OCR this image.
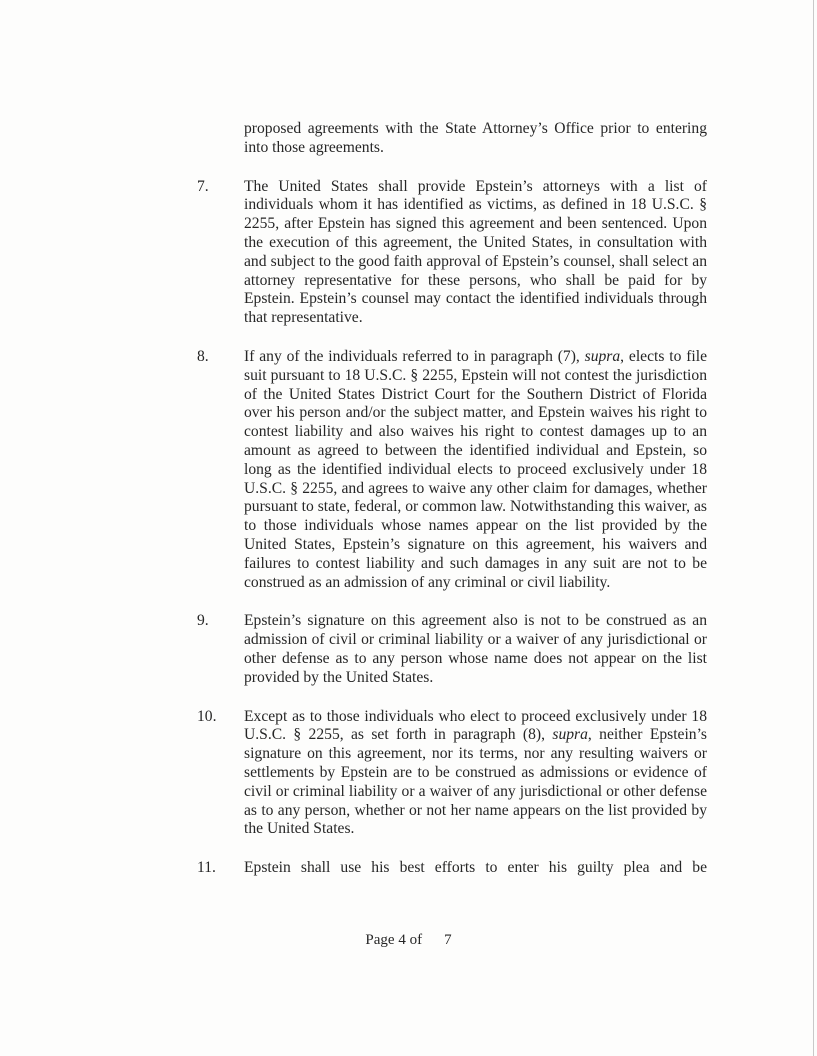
proposed agreements with the State Attorney’s Office prior to entering into those agreements.

7. The United States shall provide Epstein’s attorneys with a list of individuals whom it has identified as victims, as defined in 18 U.S.C. § 2255, after Epstein has signed this agreement and been sentenced. Upon the execution of this agreement, the United States, in consultation with and subject to the good faith approval of Epstein’s counsel, shall select an attorney representative for these persons, who shall be paid for by Epstein. Epstein’s counsel may contact the identified individuals through that representative.
8. If any of the individuals referred to in paragraph (7), supra, elects to file suit pursuant to 18 U.S.C. § 2255, Epstein will not contest the jurisdiction of the United States District Court for the Southern District of Florida over his person and/or the subject matter, and Epstein waives his right to contest liability and also waives his right to contest damages up to an amount as agreed to between the identified individual and Epstein, so long as the identified individual elects to proceed exclusively under 18 U.S.C. § 2255, and agrees to waive any other claim for damages, whether pursuant to state, federal, or common law. Notwithstanding this waiver, as to those individuals whose names appear on the list provided by the United States, Epstein’s signature on this agreement, his waivers and failures to contest liability and such damages in any suit are not to be construed as an admission of any criminal or civil liability.
9. Epstein’s signature on this agreement also is not to be construed as an admission of civil or criminal liability or a waiver of any jurisdictional or other defense as to any person whose name does not appear on the list provided by the United States.
10. Except as to those individuals who elect to proceed exclusively under 18 U.S.C. § 2255, as set forth in paragraph (8), supra, neither Epstein’s signature on this agreement, nor its terms, nor any resulting waivers or settlements by Epstein are to be construed as admissions or evidence of civil or criminal liability or a waiver of any jurisdictional or other defense as to any person, whether or not her name appears on the list provided by the United States.
11. Epstein shall use his best efforts to enter his guilty plea and be
Page 4 of 7
